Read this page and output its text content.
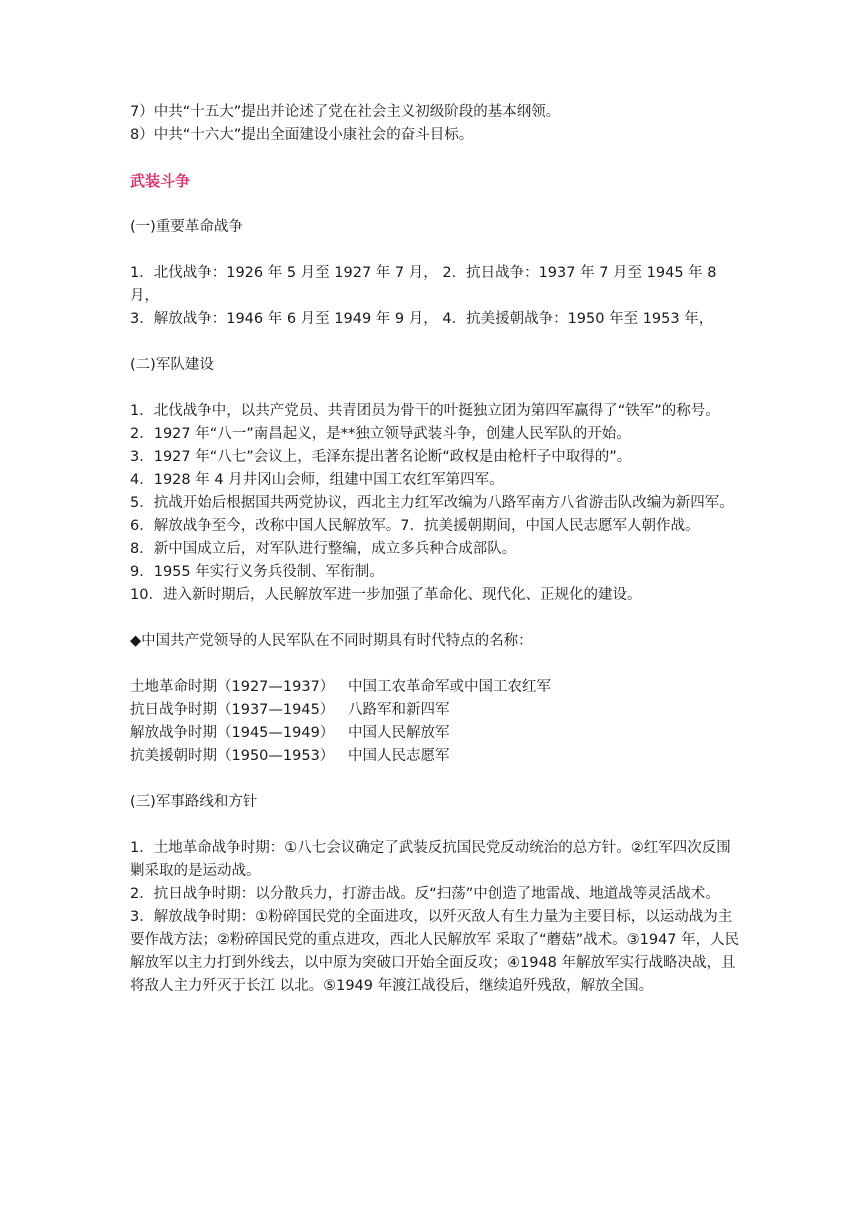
7）中共“十五大”提出并论述了党在社会主义初级阶段的基本纲领。

8）中共“十六大”提出全面建设小康社会的奋斗目标。

武装斗争

(一)重要革命战争

1．北伐战争：1926 年 5 月至 1927 年 7 月， 2．抗日战争：1937 年 7 月至 1945 年 8 月，

3．解放战争：1946 年 6 月至 1949 年 9 月， 4．抗美援朝战争：1950 年至 1953 年，

(二)军队建设

1．北伐战争中，以共产党员、共青团员为骨干的叶挺独立团为第四军赢得了“铁军”的称号。

2．1927 年“八一”南昌起义，是**独立领导武装斗争，创建人民军队的开始。

3．1927 年“八七”会议上，毛泽东提出著名论断“政权是由枪杆子中取得的”。

4．1928 年 4 月井冈山会师，组建中国工农红军第四军。

5．抗战开始后根据国共两党协议，西北主力红军改编为八路军南方八省游击队改编为新四军。

6．解放战争至今，改称中国人民解放军。7．抗美援朝期间，中国人民志愿军人朝作战。

8．新中国成立后，对军队进行整编，成立多兵种合成部队。

9．1955 年实行义务兵役制、军衔制。

10．进入新时期后，人民解放军进一步加强了革命化、现代化、正规化的建设。

◆中国共产党领导的人民军队在不同时期具有时代特点的名称：

土地革命时期（1927—1937） 中国工农革命军或中国工农红军
抗日战争时期（1937—1945） 八路军和新四军
解放战争时期（1945—1949） 中国人民解放军
抗美援朝时期（1950—1953） 中国人民志愿军

(三)军事路线和方针

1．土地革命战争时期：①八七会议确定了武装反抗国民党反动统治的总方针。②红军四次反围剿采取的是运动战。

2．抗日战争时期：以分散兵力，打游击战。反“扫荡”中创造了地雷战、地道战等灵活战术。

3．解放战争时期：①粉碎国民党的全面进攻，以歼灭敌人有生力量为主要目标，以运动战为主要作战方法；②粉碎国民党的重点进攻，西北人民解放军 采取了“蘑菇”战术。③1947 年，人民解放军以主力打到外线去，以中原为突破口开始全面反攻；④1948 年解放军实行战略决战，且将敌人主力歼灭于长江 以北。⑤1949 年渡江战役后，继续追歼残敌，解放全国。
